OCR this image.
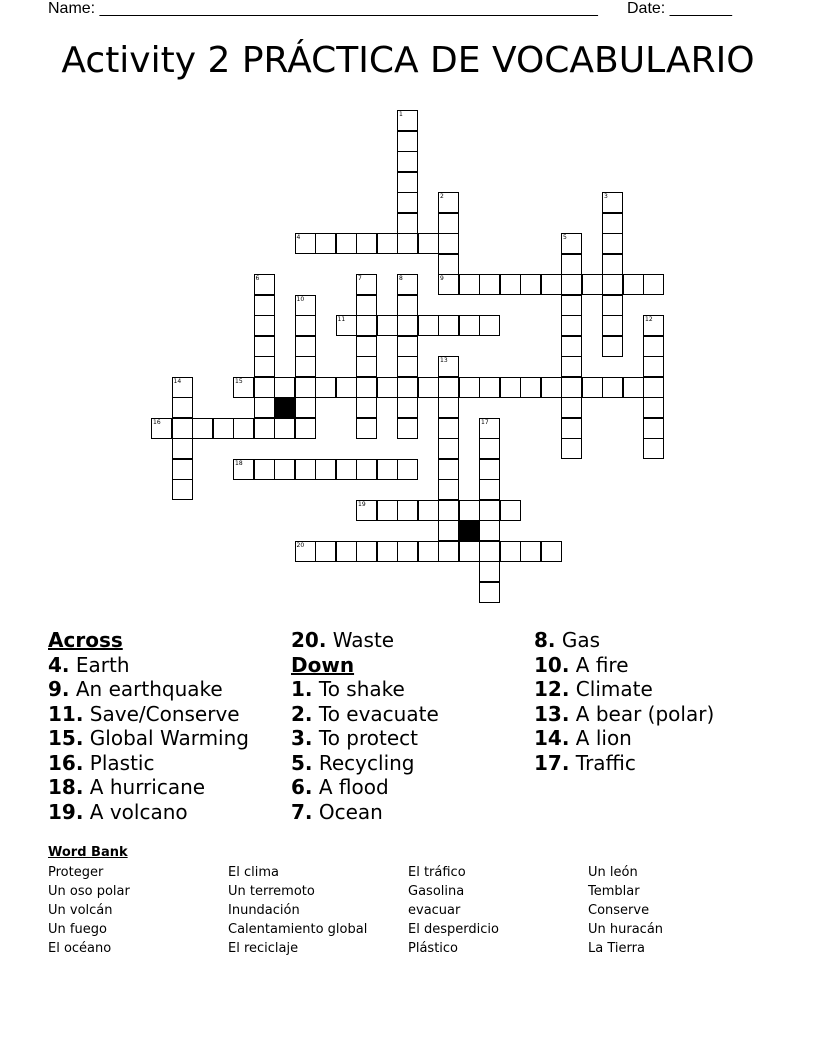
Name: ________________________________________________________ Date: _______
Activity 2 PRÁCTICA DE VOCABULARIO
1
2
9
3
4	5
6	7	8
10
11	12
13
14	15
16	17
18
19
20
Across
4. Earth
9. An earthquake
11. Save/Conserve
15. Global Warming
16. Plastic
18. A hurricane
19. A volcano
20. Waste
Down
1. To shake
2. To evacuate
3. To protect
5. Recycling
6. A flood
7. Ocean
8. Gas
10. A fire
12. Climate
13. A bear (polar)
14. A lion
17. Traffic
Word Bank
Proteger
Un oso polar
Un volcán
Un fuego
El océano
El clima
Un terremoto
Inundación
Calentamiento global
El reciclaje
El tráfico
Gasolina
evacuar
El desperdicio
Plástico
Un león
Temblar
Conserve
Un huracán
La Tierra
